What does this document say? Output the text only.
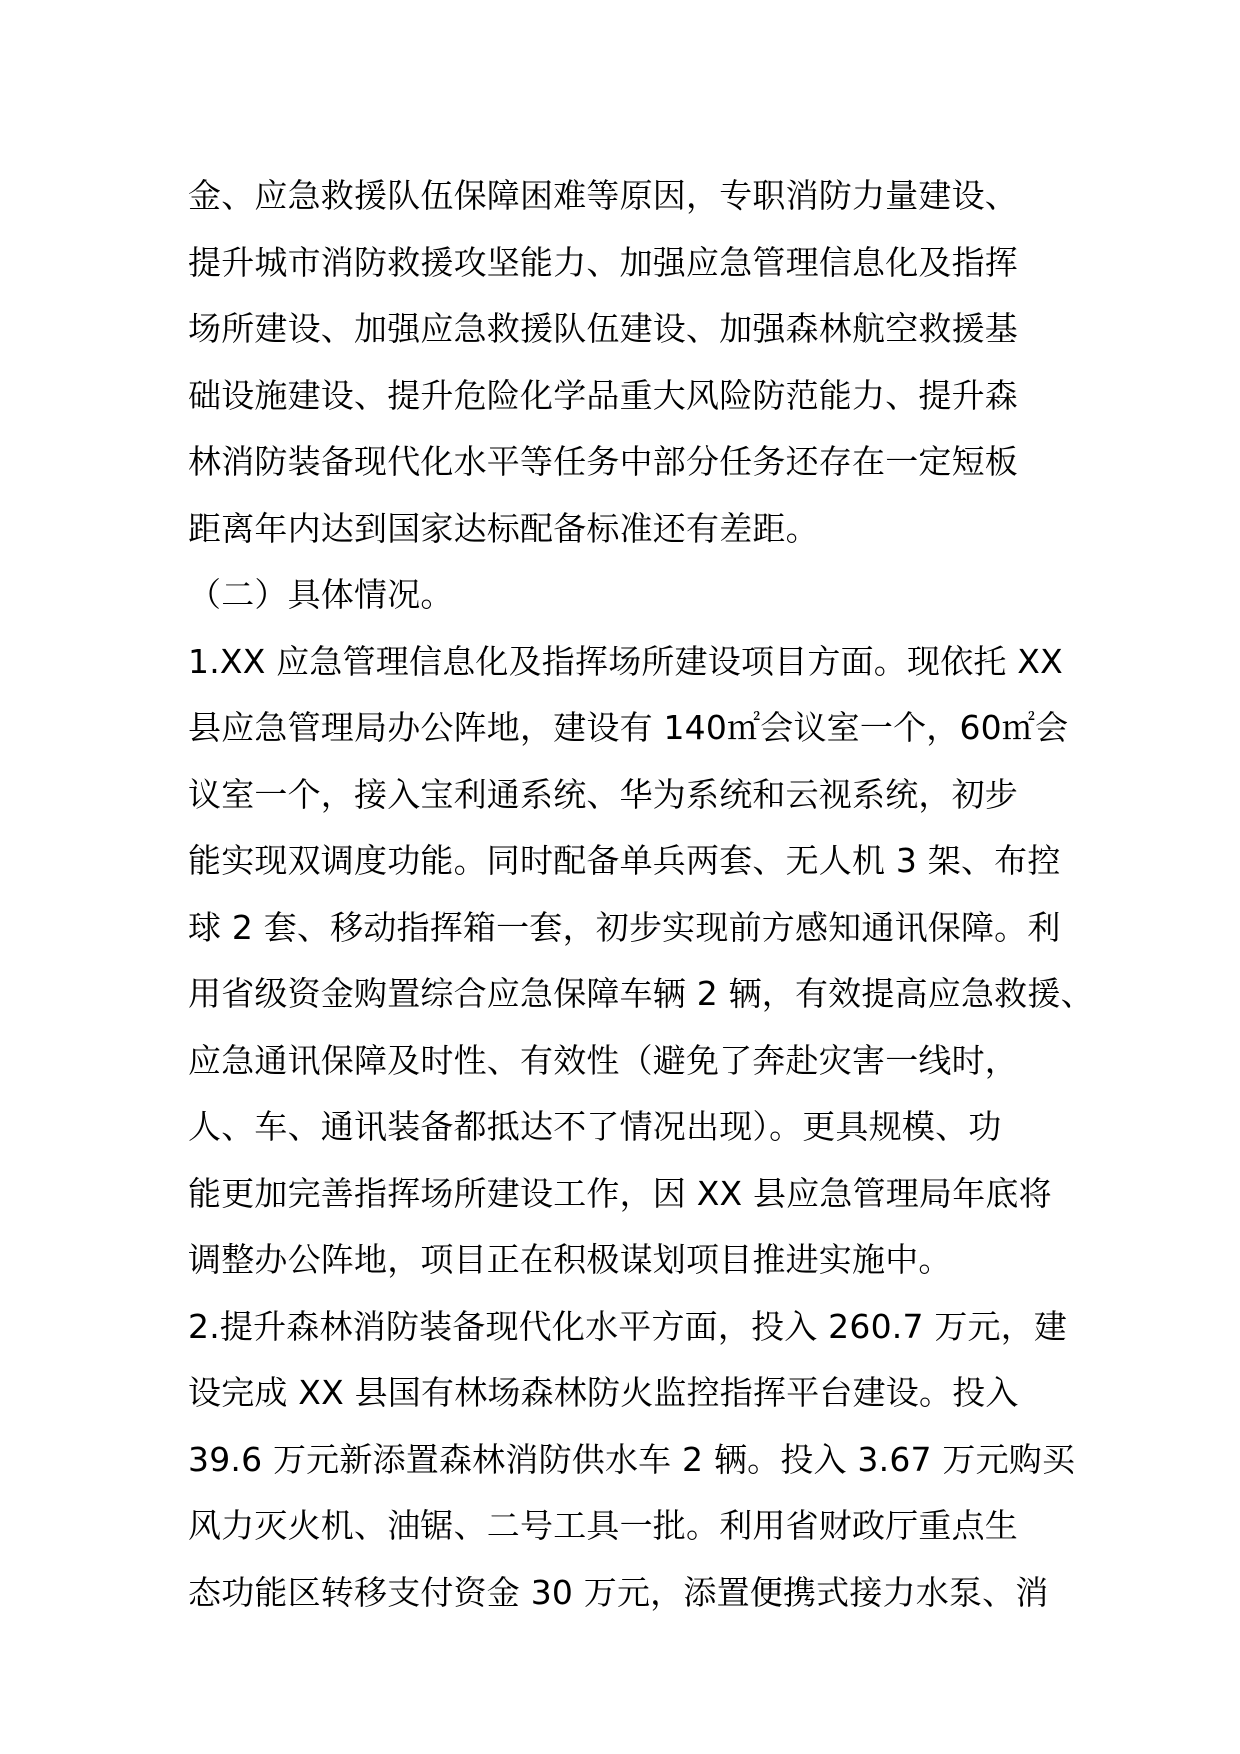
金、应急救援队伍保障困难等原因，专职消防力量建设、
提升城市消防救援攻坚能力、加强应急管理信息化及指挥
场所建设、加强应急救援队伍建设、加强森林航空救援基
础设施建设、提升危险化学品重大风险防范能力、提升森
林消防装备现代化水平等任务中部分任务还存在一定短板
距离年内达到国家达标配备标准还有差距。
（二）具体情况。
1.XX 应急管理信息化及指挥场所建设项目方面。现依托 XX
县应急管理局办公阵地，建设有 140㎡会议室一个，60㎡会
议室一个，接入宝利通系统、华为系统和云视系统，初步
能实现双调度功能。同时配备单兵两套、无人机 3 架、布控
球 2 套、移动指挥箱一套，初步实现前方感知通讯保障。利
用省级资金购置综合应急保障车辆 2 辆，有效提高应急救援、
应急通讯保障及时性、有效性（避免了奔赴灾害一线时，
人、车、通讯装备都抵达不了情况出现）。更具规模、功
能更加完善指挥场所建设工作，因 XX 县应急管理局年底将
调整办公阵地，项目正在积极谋划项目推进实施中。
2.提升森林消防装备现代化水平方面，投入 260.7 万元，建
设完成 XX 县国有林场森林防火监控指挥平台建设。投入
39.6 万元新添置森林消防供水车 2 辆。投入 3.67 万元购买
风力灭火机、油锯、二号工具一批。利用省财政厅重点生
态功能区转移支付资金 30 万元，添置便携式接力水泵、消
